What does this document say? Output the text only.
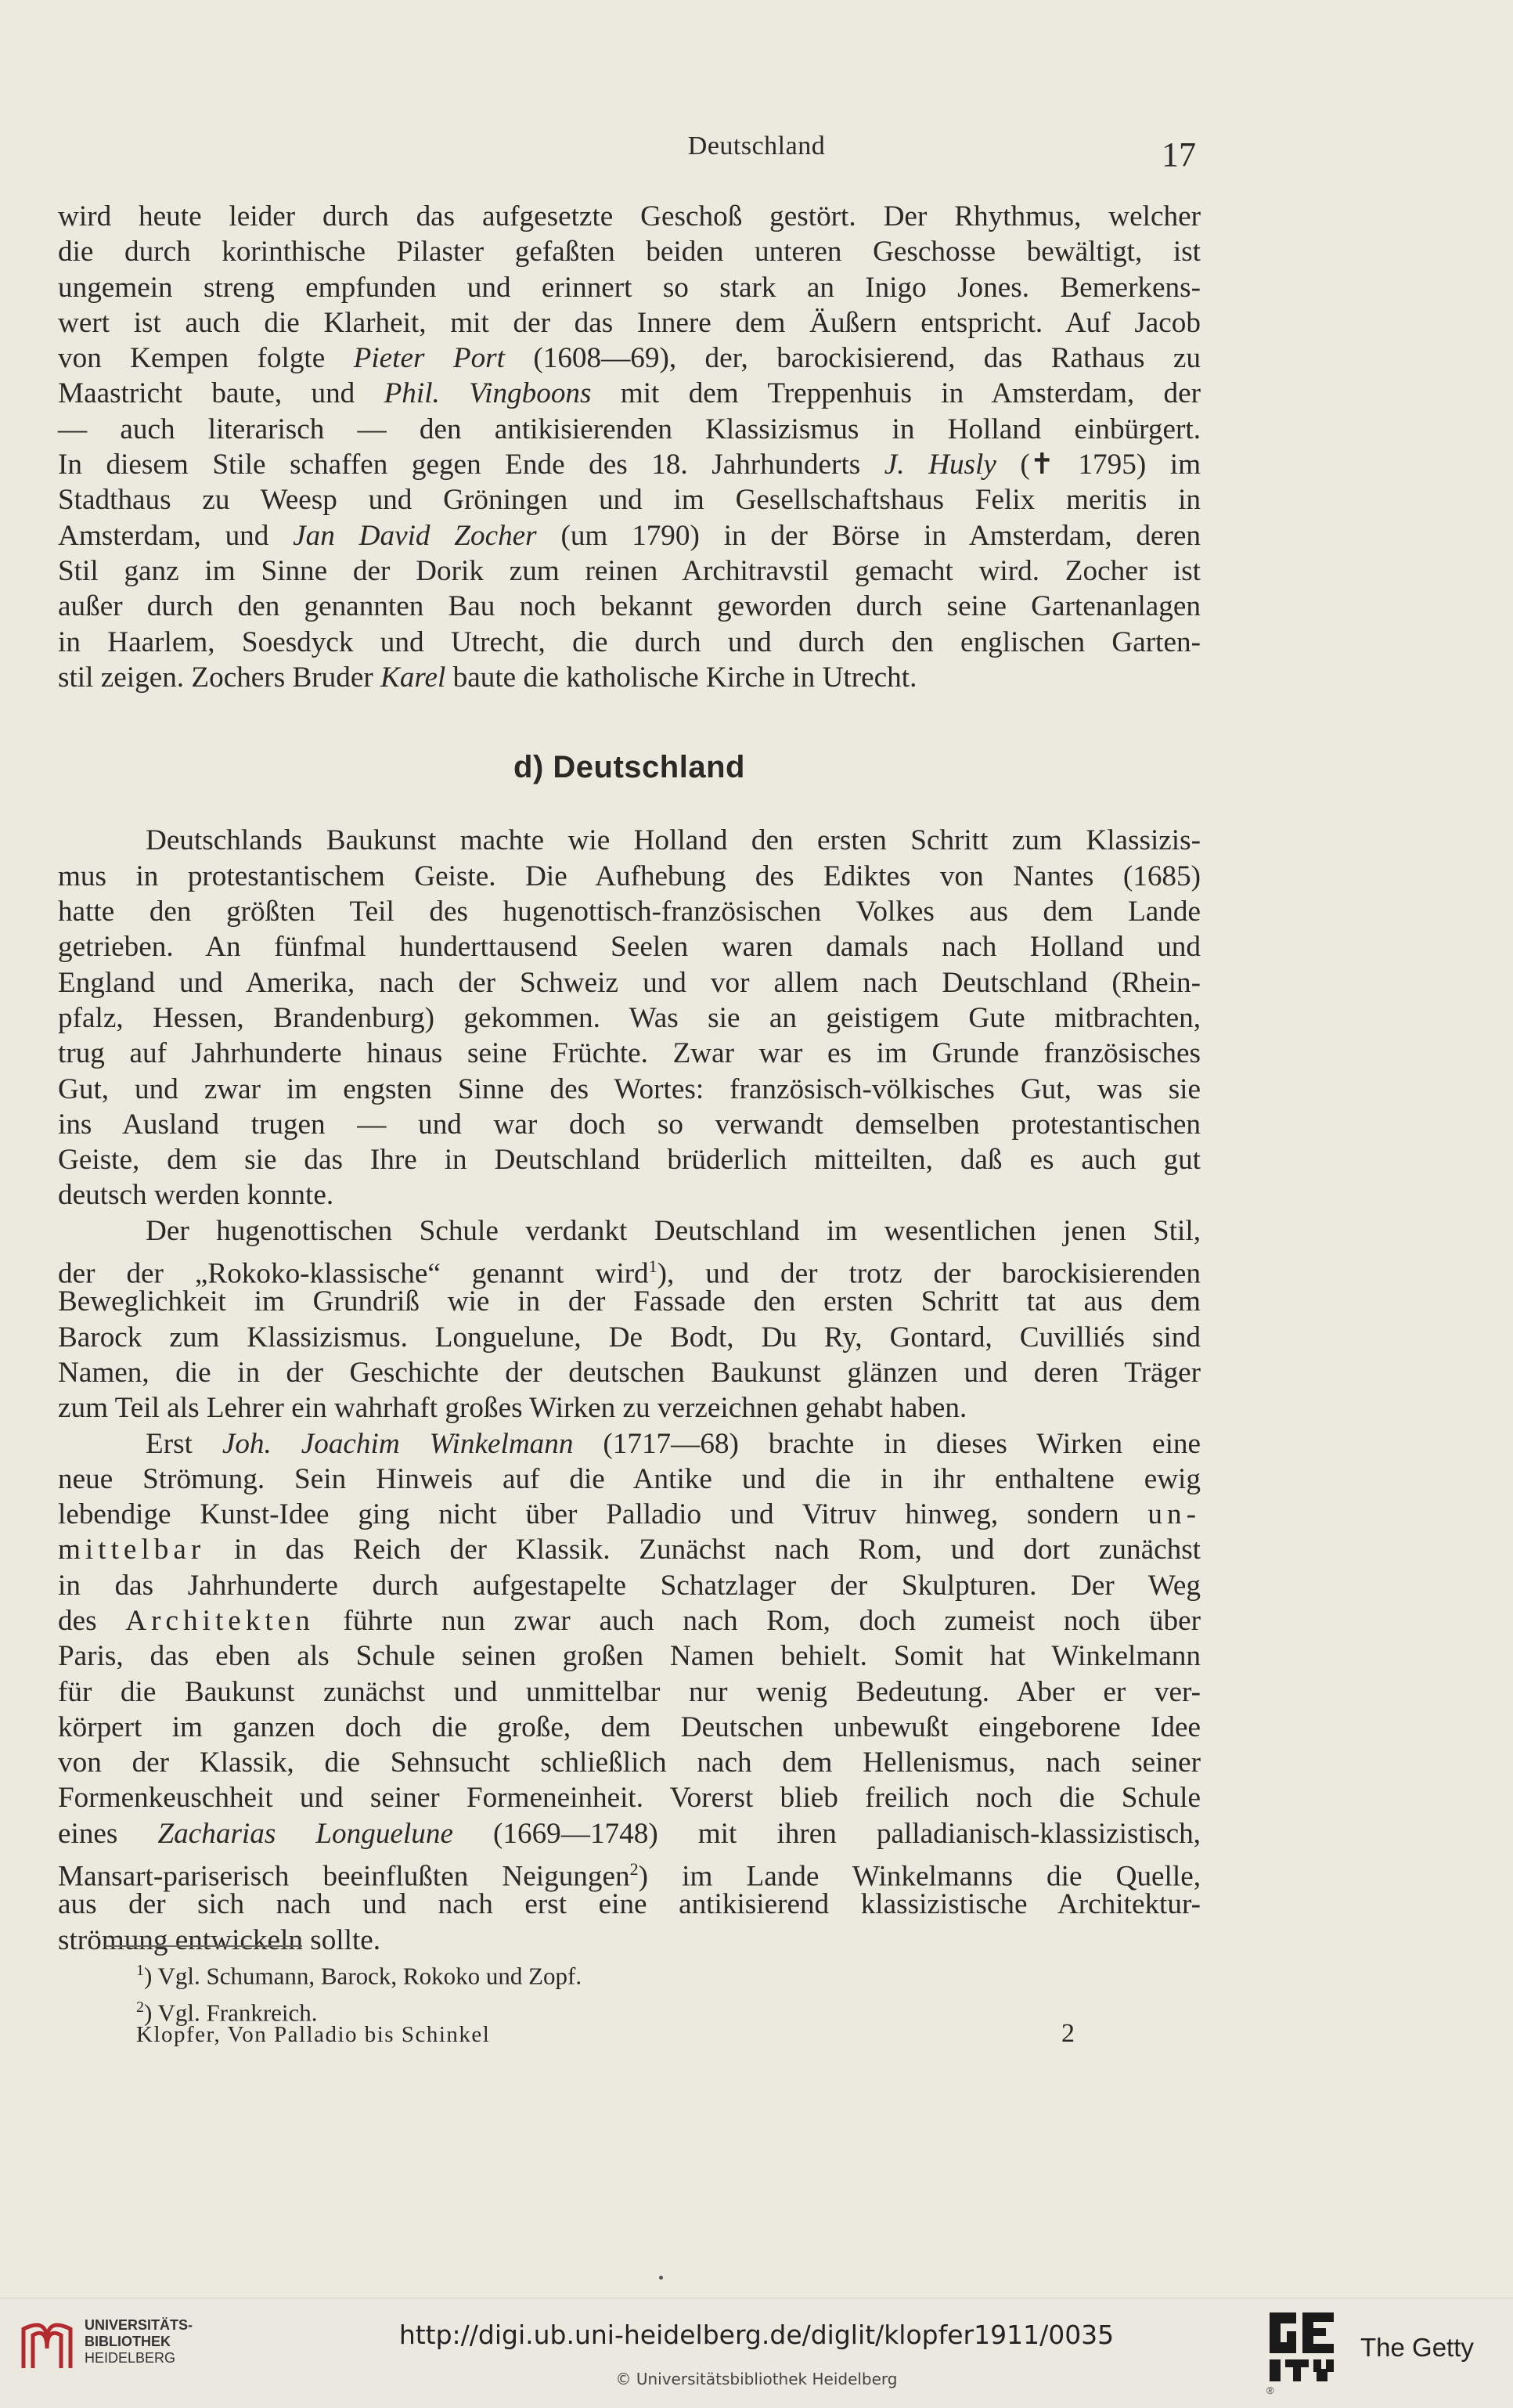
Deutschland	17
wird heute leider durch das aufgesetzte Geschoß gestört. Der Rhythmus, welcher
die durch korinthische Pilaster gefaßten beiden unteren Geschosse bewältigt, ist
ungemein streng empfunden und erinnert so stark an Inigo Jones. Bemerkens-
wert ist auch die Klarheit, mit der das Innere dem Äußern entspricht. Auf Jacob
von Kempen folgte Pieter Port (1608—69), der, barockisierend, das Rathaus zu
Maastricht baute, und Phil. Vingboons mit dem Treppenhuis in Amsterdam, der
— auch literarisch — den antikisierenden Klassizismus in Holland einbürgert.
In diesem Stile schaffen gegen Ende des 18. Jahrhunderts J. Husly (✝ 1795) im
Stadthaus zu Weesp und Gröningen und im Gesellschaftshaus Felix meritis in
Amsterdam, und Jan David Zocher (um 1790) in der Börse in Amsterdam, deren
Stil ganz im Sinne der Dorik zum reinen Architravstil gemacht wird. Zocher ist
außer durch den genannten Bau noch bekannt geworden durch seine Gartenanlagen
in Haarlem, Soesdyck und Utrecht, die durch und durch den englischen Garten-
stil zeigen. Zochers Bruder Karel baute die katholische Kirche in Utrecht.
d) Deutschland
Deutschlands Baukunst machte wie Holland den ersten Schritt zum Klassizis-
mus in protestantischem Geiste. Die Aufhebung des Ediktes von Nantes (1685)
hatte den größten Teil des hugenottisch-französischen Volkes aus dem Lande
getrieben. An fünfmal hunderttausend Seelen waren damals nach Holland und
England und Amerika, nach der Schweiz und vor allem nach Deutschland (Rhein-
pfalz, Hessen, Brandenburg) gekommen. Was sie an geistigem Gute mitbrachten,
trug auf Jahrhunderte hinaus seine Früchte. Zwar war es im Grunde französisches
Gut, und zwar im engsten Sinne des Wortes: französisch-völkisches Gut, was sie
ins Ausland trugen — und war doch so verwandt demselben protestantischen
Geiste, dem sie das Ihre in Deutschland brüderlich mitteilten, daß es auch gut
deutsch werden konnte.
Der hugenottischen Schule verdankt Deutschland im wesentlichen jenen Stil,
der der „Rokoko-klassische“ genannt wird$^1$), und der trotz der barockisierenden
Beweglichkeit im Grundriß wie in der Fassade den ersten Schritt tat aus dem
Barock zum Klassizismus. Longuelune, De Bodt, Du Ry, Gontard, Cuvilliés sind
Namen, die in der Geschichte der deutschen Baukunst glänzen und deren Träger
zum Teil als Lehrer ein wahrhaft großes Wirken zu verzeichnen gehabt haben.
Erst Joh. Joachim Winkelmann (1717—68) brachte in dieses Wirken eine
neue Strömung. Sein Hinweis auf die Antike und die in ihr enthaltene ewig
lebendige Kunst-Idee ging nicht über Palladio und Vitruv hinweg, sondern un-
mittelbar in das Reich der Klassik. Zunächst nach Rom, und dort zunächst
in das Jahrhunderte durch aufgestapelte Schatzlager der Skulpturen. Der Weg
des Architekten führte nun zwar auch nach Rom, doch zumeist noch über
Paris, das eben als Schule seinen großen Namen behielt. Somit hat Winkelmann
für die Baukunst zunächst und unmittelbar nur wenig Bedeutung. Aber er ver-
körpert im ganzen doch die große, dem Deutschen unbewußt eingeborene Idee
von der Klassik, die Sehnsucht schließlich nach dem Hellenismus, nach seiner
Formenkeuschheit und seiner Formeneinheit. Vorerst blieb freilich noch die Schule
eines Zacharias Longuelune (1669—1748) mit ihren palladianisch-klassizistisch,
Mansart-pariserisch beeinflußten Neigungen$^2$) im Lande Winkelmanns die Quelle,
aus der sich nach und nach erst eine antikisierend klassizistische Architektur-
strömung entwickeln sollte.
$^1$) Vgl. Schumann, Barock, Rokoko und Zopf.
$^2$) Vgl. Frankreich.
Klopfer, Von Palladio bis Schinkel	2
UNIVERSITÄTS-
BIBLIOTHEK
HEIDELBERG
http://digi.ub.uni-heidelberg.de/diglit/klopfer1911/0035
© Universitätsbibliothek Heidelberg
The Getty
®
